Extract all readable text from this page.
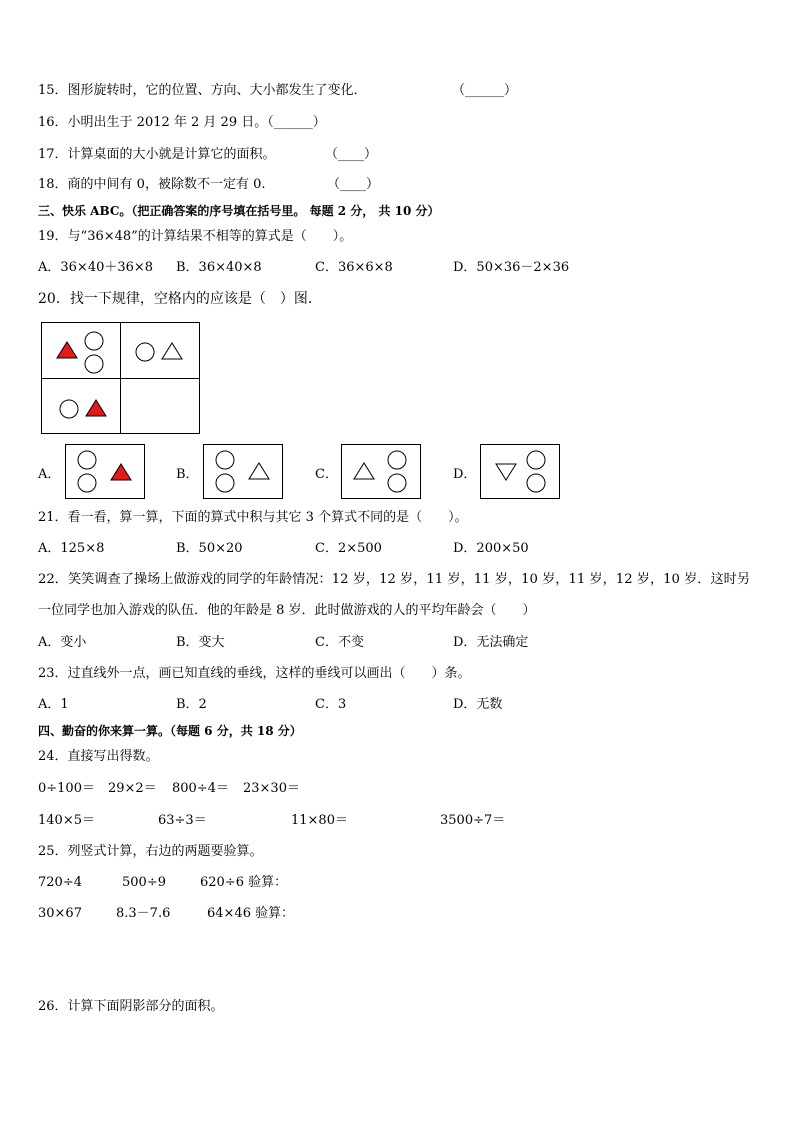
15．图形旋转时，它的位置、方向、大小都发生了变化．	（______）
16．小明出生于 2012 年 2 月 29 日。（______）
17．计算桌面的大小就是计算它的面积。	（____）
18．商的中间有 0，被除数不一定有 0.	（____）
三、快乐 ABC。（把正确答案的序号填在括号里。 每题 2 分， 共 10 分）
19．与“36×48”的计算结果不相等的算式是（　　）。
A．36×40＋36×8 B．36×40×8	C．36×6×8	D．50×36－2×36
20．找一下规律，空格内的应该是（　）图.
A．	B．	C．	D．
21．看一看，算一算，下面的算式中积与其它 3 个算式不同的是（　　）。
A．125×8	B．50×20	C．2×500	D．200×50
22．笑笑调查了操场上做游戏的同学的年龄情况：12 岁，12 岁，11 岁，11 岁，10 岁，11 岁，12 岁，10 岁．这时另
一位同学也加入游戏的队伍．他的年龄是 8 岁．此时做游戏的人的平均年龄会（　　）
A．变小	B．变大	C．不变	D．无法确定
23．过直线外一点，画已知直线的垂线，这样的垂线可以画出（　　）条。
A．1	B．2	C．3	D．无数
四、勤奋的你来算一算。（每题 6 分，共 18 分）
24．直接写出得数。
0÷100＝ 29×2＝ 800÷4＝ 23×30＝
140×5＝	63÷3＝	11×80＝	3500÷7＝
25．列竖式计算，右边的两题要验算。
720÷4	500÷9	620÷6 验算：
30×67	8.3－7.6	64×46 验算：
26．计算下面阴影部分的面积。
